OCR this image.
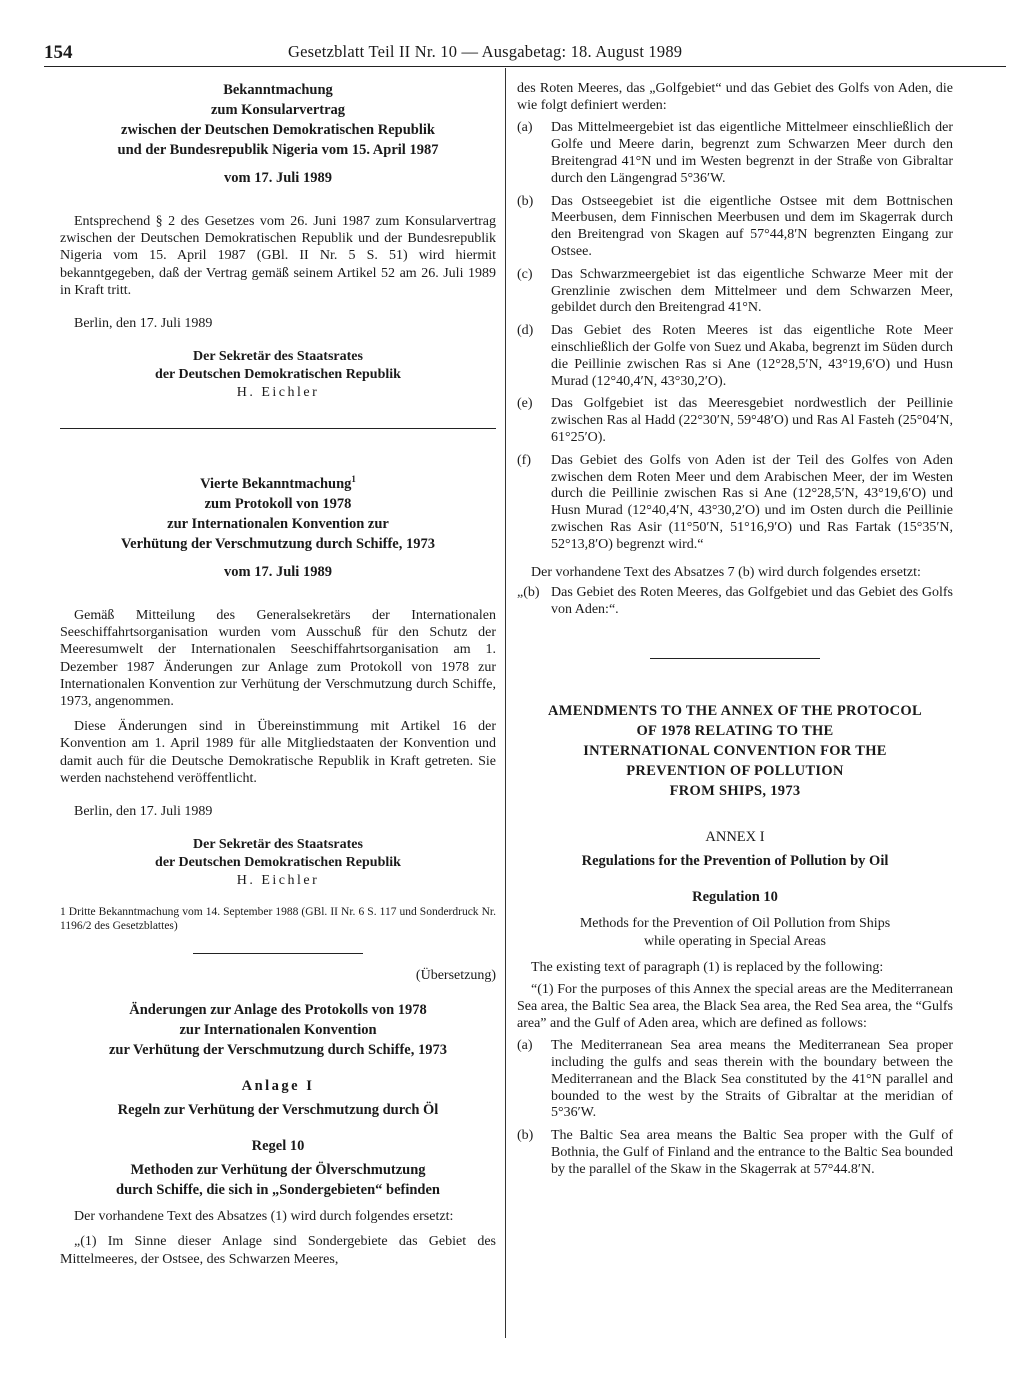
154	Gesetzblatt Teil II Nr. 10 — Ausgabetag: 18. August 1989
Bekanntmachung
zum Konsularvertrag
zwischen der Deutschen Demokratischen Republik
und der Bundesrepublik Nigeria vom 15. April 1987
vom 17. Juli 1989

Entsprechend § 2 des Gesetzes vom 26. Juni 1987 zum Konsularvertrag zwischen der Deutschen Demokratischen Republik und der Bundesrepublik Nigeria vom 15. April 1987 (GBl. II Nr. 5 S. 51) wird hiermit bekanntgegeben, daß der Vertrag gemäß seinem Artikel 52 am 26. Juli 1989 in Kraft tritt.

Berlin, den 17. Juli 1989

Der Sekretär des Staatsrates
der Deutschen Demokratischen Republik
H. Eichler
Vierte Bekanntmachung$^1$
zum Protokoll von 1978
zur Internationalen Konvention zur
Verhütung der Verschmutzung durch Schiffe, 1973
vom 17. Juli 1989

Gemäß Mitteilung des Generalsekretärs der Internationalen Seeschiffahrtsorganisation wurden vom Ausschuß für den Schutz der Meeresumwelt der Internationalen Seeschiffahrtsorganisation am 1. Dezember 1987 Änderungen zur Anlage zum Protokoll von 1978 zur Internationalen Konvention zur Verhütung der Verschmutzung durch Schiffe, 1973, angenommen.

Diese Änderungen sind in Übereinstimmung mit Artikel 16 der Konvention am 1. April 1989 für alle Mitgliedstaaten der Konvention und damit auch für die Deutsche Demokratische Republik in Kraft getreten. Sie werden nachstehend veröffentlicht.

Berlin, den 17. Juli 1989

Der Sekretär des Staatsrates
der Deutschen Demokratischen Republik
H. Eichler

1 Dritte Bekanntmachung vom 14. September 1988 (GBl. II Nr. 6 S. 117 und Sonderdruck Nr. 1196/2 des Gesetzblattes)

(Übersetzung)
Änderungen zur Anlage des Protokolls von 1978
zur Internationalen Konvention
zur Verhütung der Verschmutzung durch Schiffe, 1973
Anlage I
Regeln zur Verhütung der Verschmutzung durch Öl
Regel 10
Methoden zur Verhütung der Ölverschmutzung
durch Schiffe, die sich in „Sondergebieten“ befinden

Der vorhandene Text des Absatzes (1) wird durch folgendes ersetzt:

„(1) Im Sinne dieser Anlage sind Sondergebiete das Gebiet des Mittelmeeres, der Ostsee, des Schwarzen Meeres,

des Roten Meeres, das „Golfgebiet“ und das Gebiet des Golfs von Aden, die wie folgt definiert werden:

(a)	Das Mittelmeergebiet ist das eigentliche Mittelmeer einschließlich der Golfe und Meere darin, begrenzt zum Schwarzen Meer durch den Breitengrad 41°N und im Westen begrenzt in der Straße von Gibraltar durch den Längengrad 5°36′W.
(b)	Das Ostseegebiet ist die eigentliche Ostsee mit dem Bottnischen Meerbusen, dem Finnischen Meerbusen und dem im Skagerrak durch den Breitengrad von Skagen auf 57°44,8′N begrenzten Eingang zur Ostsee.
(c)	Das Schwarzmeergebiet ist das eigentliche Schwarze Meer mit der Grenzlinie zwischen dem Mittelmeer und dem Schwarzen Meer, gebildet durch den Breitengrad 41°N.
(d)	Das Gebiet des Roten Meeres ist das eigentliche Rote Meer einschließlich der Golfe von Suez und Akaba, begrenzt im Süden durch die Peillinie zwischen Ras si Ane (12°28,5′N, 43°19,6′O) und Husn Murad (12°40,4′N, 43°30,2′O).
(e)	Das Golfgebiet ist das Meeresgebiet nordwestlich der Peillinie zwischen Ras al Hadd (22°30′N, 59°48′O) und Ras Al Fasteh (25°04′N, 61°25′O).
(f)	Das Gebiet des Golfs von Aden ist der Teil des Golfes von Aden zwischen dem Roten Meer und dem Arabischen Meer, der im Westen durch die Peillinie zwischen Ras si Ane (12°28,5′N, 43°19,6′O) und Husn Murad (12°40,4′N, 43°30,2′O) und im Osten durch die Peillinie zwischen Ras Asir (11°50′N, 51°16,9′O) und Ras Fartak (15°35′N, 52°13,8′O) begrenzt wird.“

Der vorhandene Text des Absatzes 7 (b) wird durch folgendes ersetzt:

„(b) Das Gebiet des Roten Meeres, das Golfgebiet und das Gebiet des Golfs von Aden:“.
AMENDMENTS TO THE ANNEX OF THE PROTOCOL
OF 1978 RELATING TO THE
INTERNATIONAL CONVENTION FOR THE
PREVENTION OF POLLUTION
FROM SHIPS, 1973
ANNEX I
Regulations for the Prevention of Pollution by Oil
Regulation 10
Methods for the Prevention of Oil Pollution from Ships
while operating in Special Areas

The existing text of paragraph (1) is replaced by the following:

“(1) For the purposes of this Annex the special areas are the Mediterranean Sea area, the Baltic Sea area, the Black Sea area, the Red Sea area, the “Gulfs area” and the Gulf of Aden area, which are defined as follows:

(a)	The Mediterranean Sea area means the Mediterranean Sea proper including the gulfs and seas therein with the boundary between the Mediterranean and the Black Sea constituted by the 41°N parallel and bounded to the west by the Straits of Gibraltar at the meridian of 5°36′W.
(b)	The Baltic Sea area means the Baltic Sea proper with the Gulf of Bothnia, the Gulf of Finland and the entrance to the Baltic Sea bounded by the parallel of the Skaw in the Skagerrak at 57°44.8′N.
